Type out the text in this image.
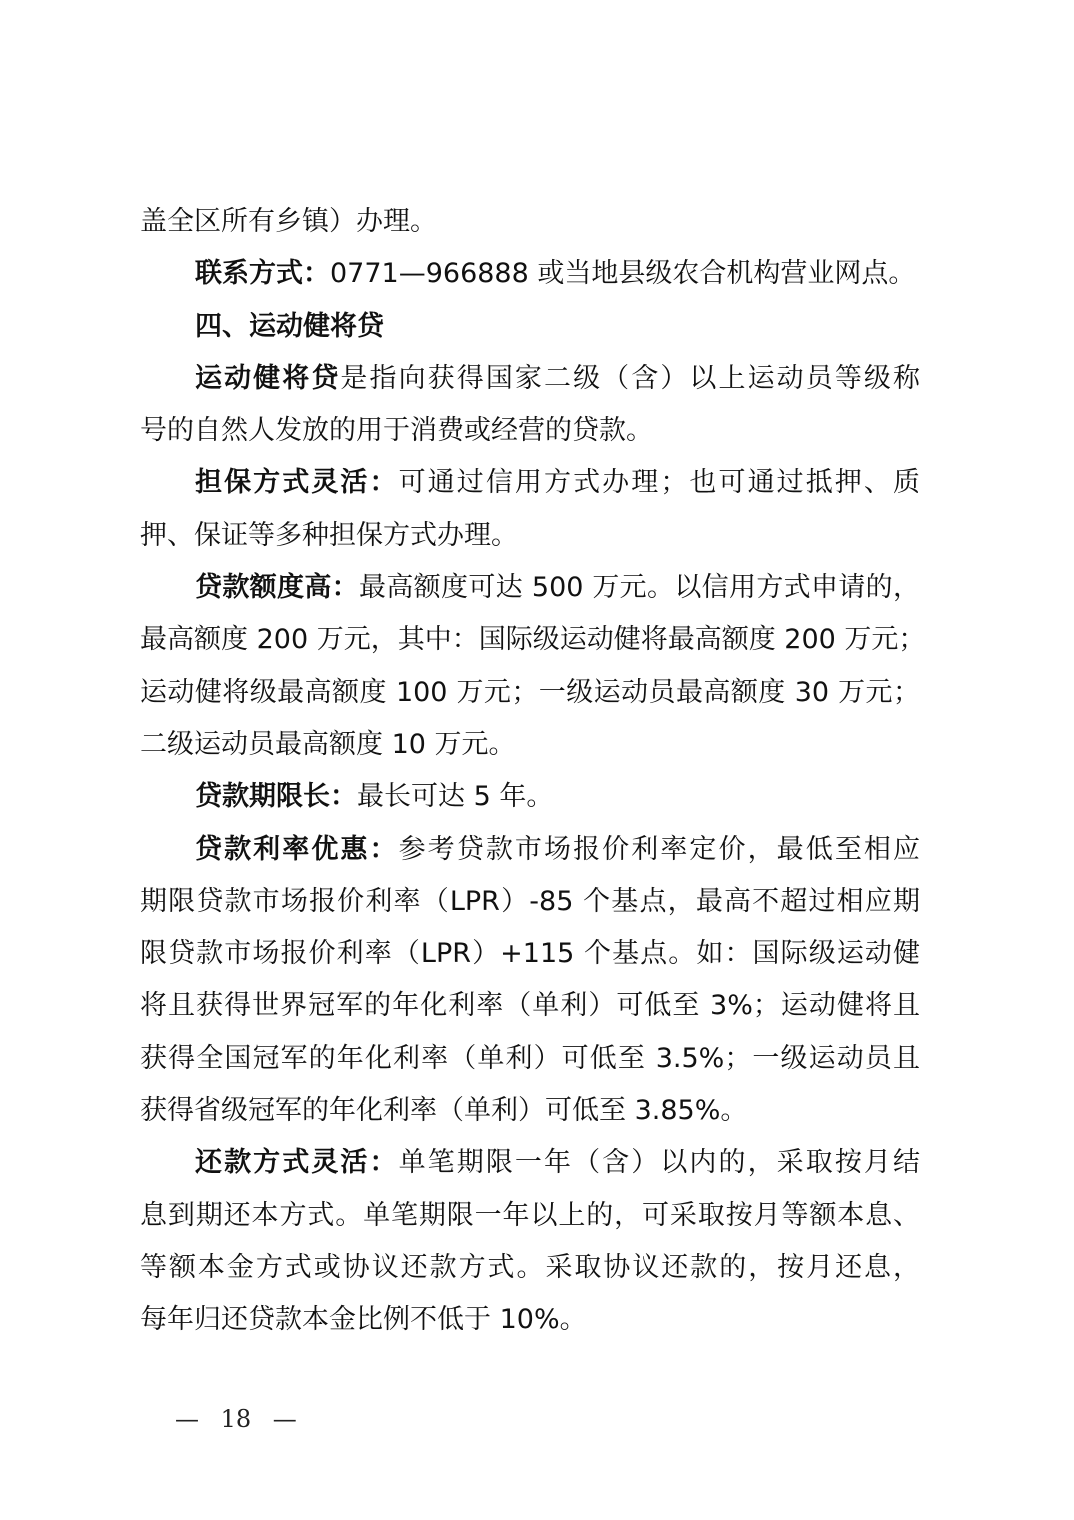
盖全区所有乡镇）办理。
联系方式：0771—966888 或当地县级农合机构营业网点。
四、运动健将贷
运动健将贷是指向获得国家二级（含）以上运动员等级称
号的自然人发放的用于消费或经营的贷款。
担保方式灵活：可通过信用方式办理；也可通过抵押、质
押、保证等多种担保方式办理。
贷款额度高：最高额度可达 500 万元。以信用方式申请的，
最高额度 200 万元，其中：国际级运动健将最高额度 200 万元；
运动健将级最高额度 100 万元；一级运动员最高额度 30 万元；
二级运动员最高额度 10 万元。
贷款期限长：最长可达 5 年。
贷款利率优惠：参考贷款市场报价利率定价，最低至相应
期限贷款市场报价利率（LPR）-85 个基点，最高不超过相应期
限贷款市场报价利率（LPR）+115 个基点。如：国际级运动健
将且获得世界冠军的年化利率（单利）可低至 3%；运动健将且
获得全国冠军的年化利率（单利）可低至 3.5%；一级运动员且
获得省级冠军的年化利率（单利）可低至 3.85%。
还款方式灵活：单笔期限一年（含）以内的，采取按月结
息到期还本方式。单笔期限一年以上的，可采取按月等额本息、
等额本金方式或协议还款方式。采取协议还款的，按月还息，
每年归还贷款本金比例不低于 10%。
— 18 —
